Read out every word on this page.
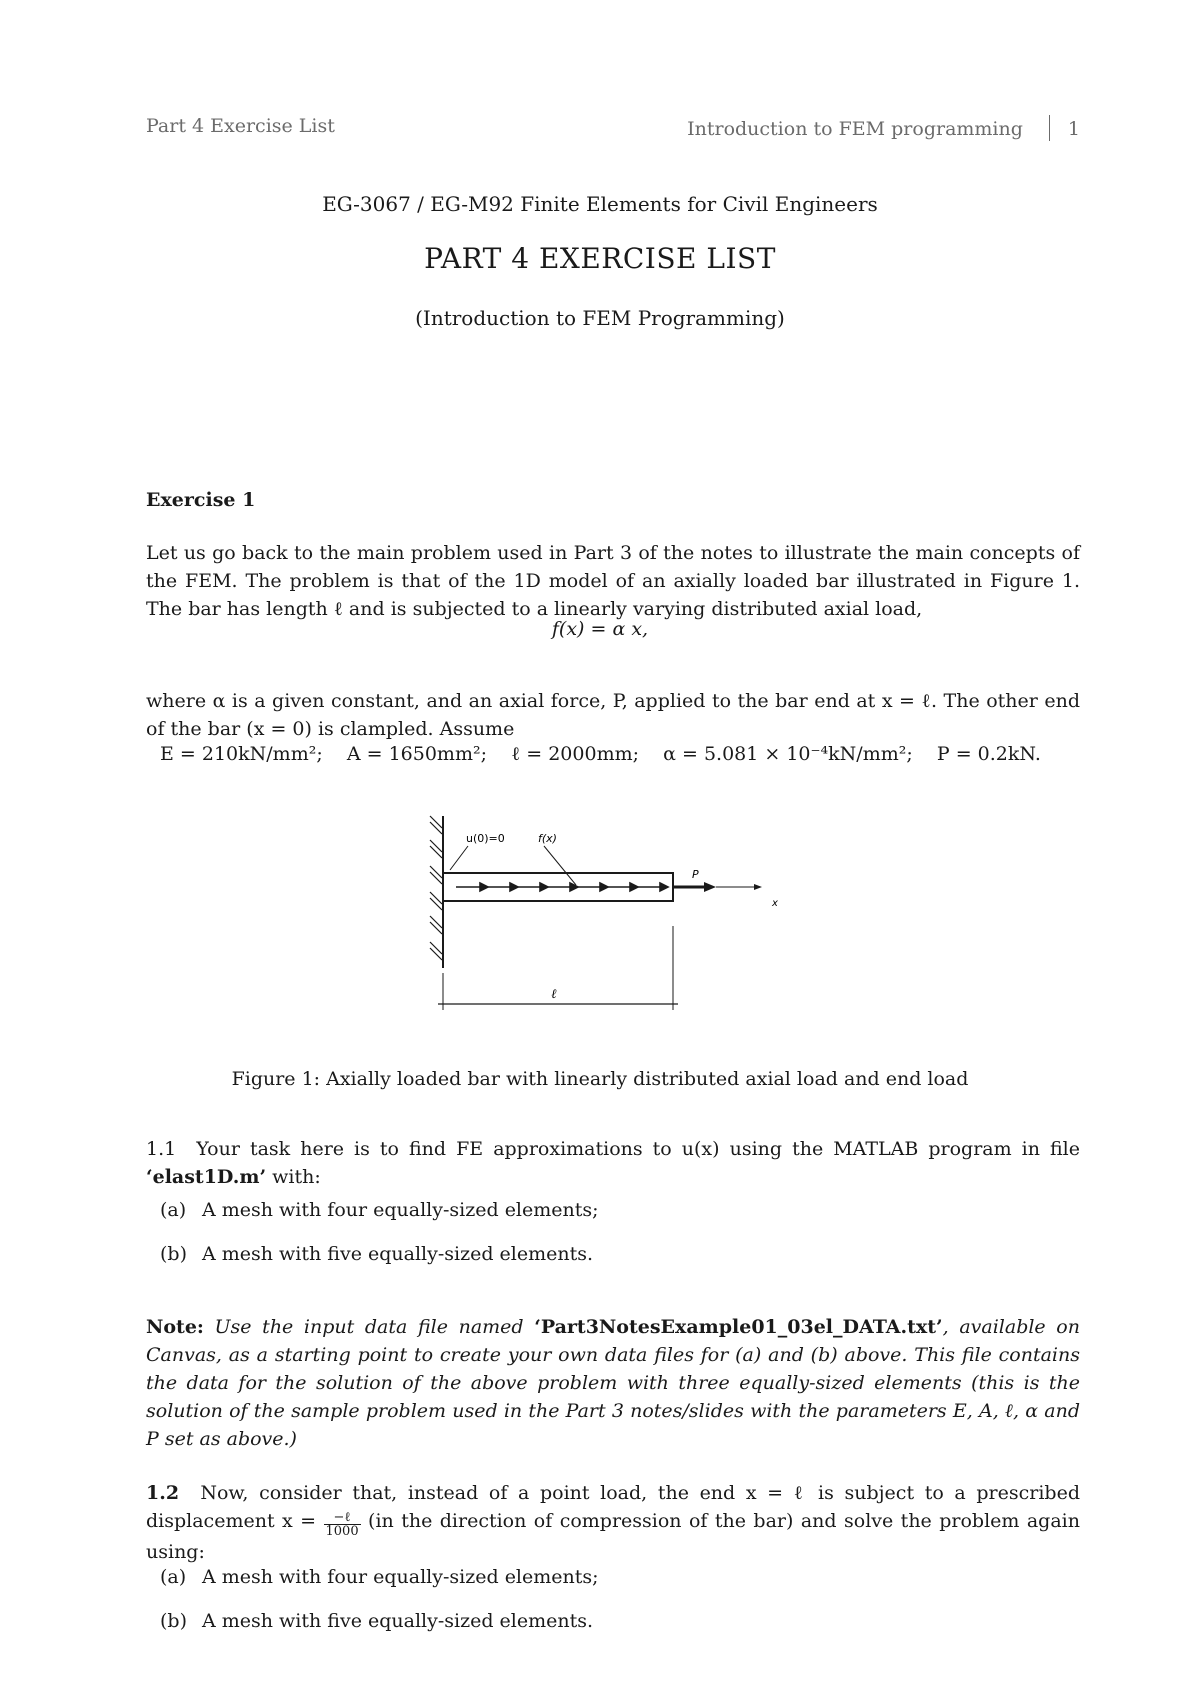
Part 4 Exercise List	Introduction to FEM programming 1
EG-3067 / EG-M92 Finite Elements for Civil Engineers
PART 4 EXERCISE LIST
(Introduction to FEM Programming)
Exercise 1

Let us go back to the main problem used in Part 3 of the notes to illustrate the main concepts of the FEM. The problem is that of the 1D model of an axially loaded bar illustrated in Figure 1. The bar has length ℓ and is subjected to a linearly varying distributed axial load,

f(x) = α x,

where α is a given constant, and an axial force, P, applied to the bar end at x = ℓ. The other end of the bar (x = 0) is clampled. Assume

E = 210kN/mm²; A = 1650mm²; ℓ = 2000mm; α = 5.081 × 10⁻⁴kN/mm²; P = 0.2kN.
u(0)=0	f(x)
P
x
ℓ
Figure 1: Axially loaded bar with linearly distributed axial load and end load

1.1 Your task here is to find FE approximations to u(x) using the MATLAB program in file ‘elast1D.m’ with:

(a) A mesh with four equally-sized elements;
(b) A mesh with five equally-sized elements.

Note: Use the input data file named ‘Part3NotesExample01_03el_DATA.txt’, available on Canvas, as a starting point to create your own data files for (a) and (b) above. This file contains the data for the solution of the above problem with three equally-sized elements (this is the solution of the sample problem used in the Part 3 notes/slides with the parameters E, A, ℓ, α and P set as above.)

1.2 Now, consider that, instead of a point load, the end x = ℓ is subject to a prescribed displacement $x = \frac{\text{−ℓ}}{1000} (in$ the direction of compression of the bar) and solve the problem again using:

(a) A mesh with four equally-sized elements;
(b) A mesh with five equally-sized elements.
